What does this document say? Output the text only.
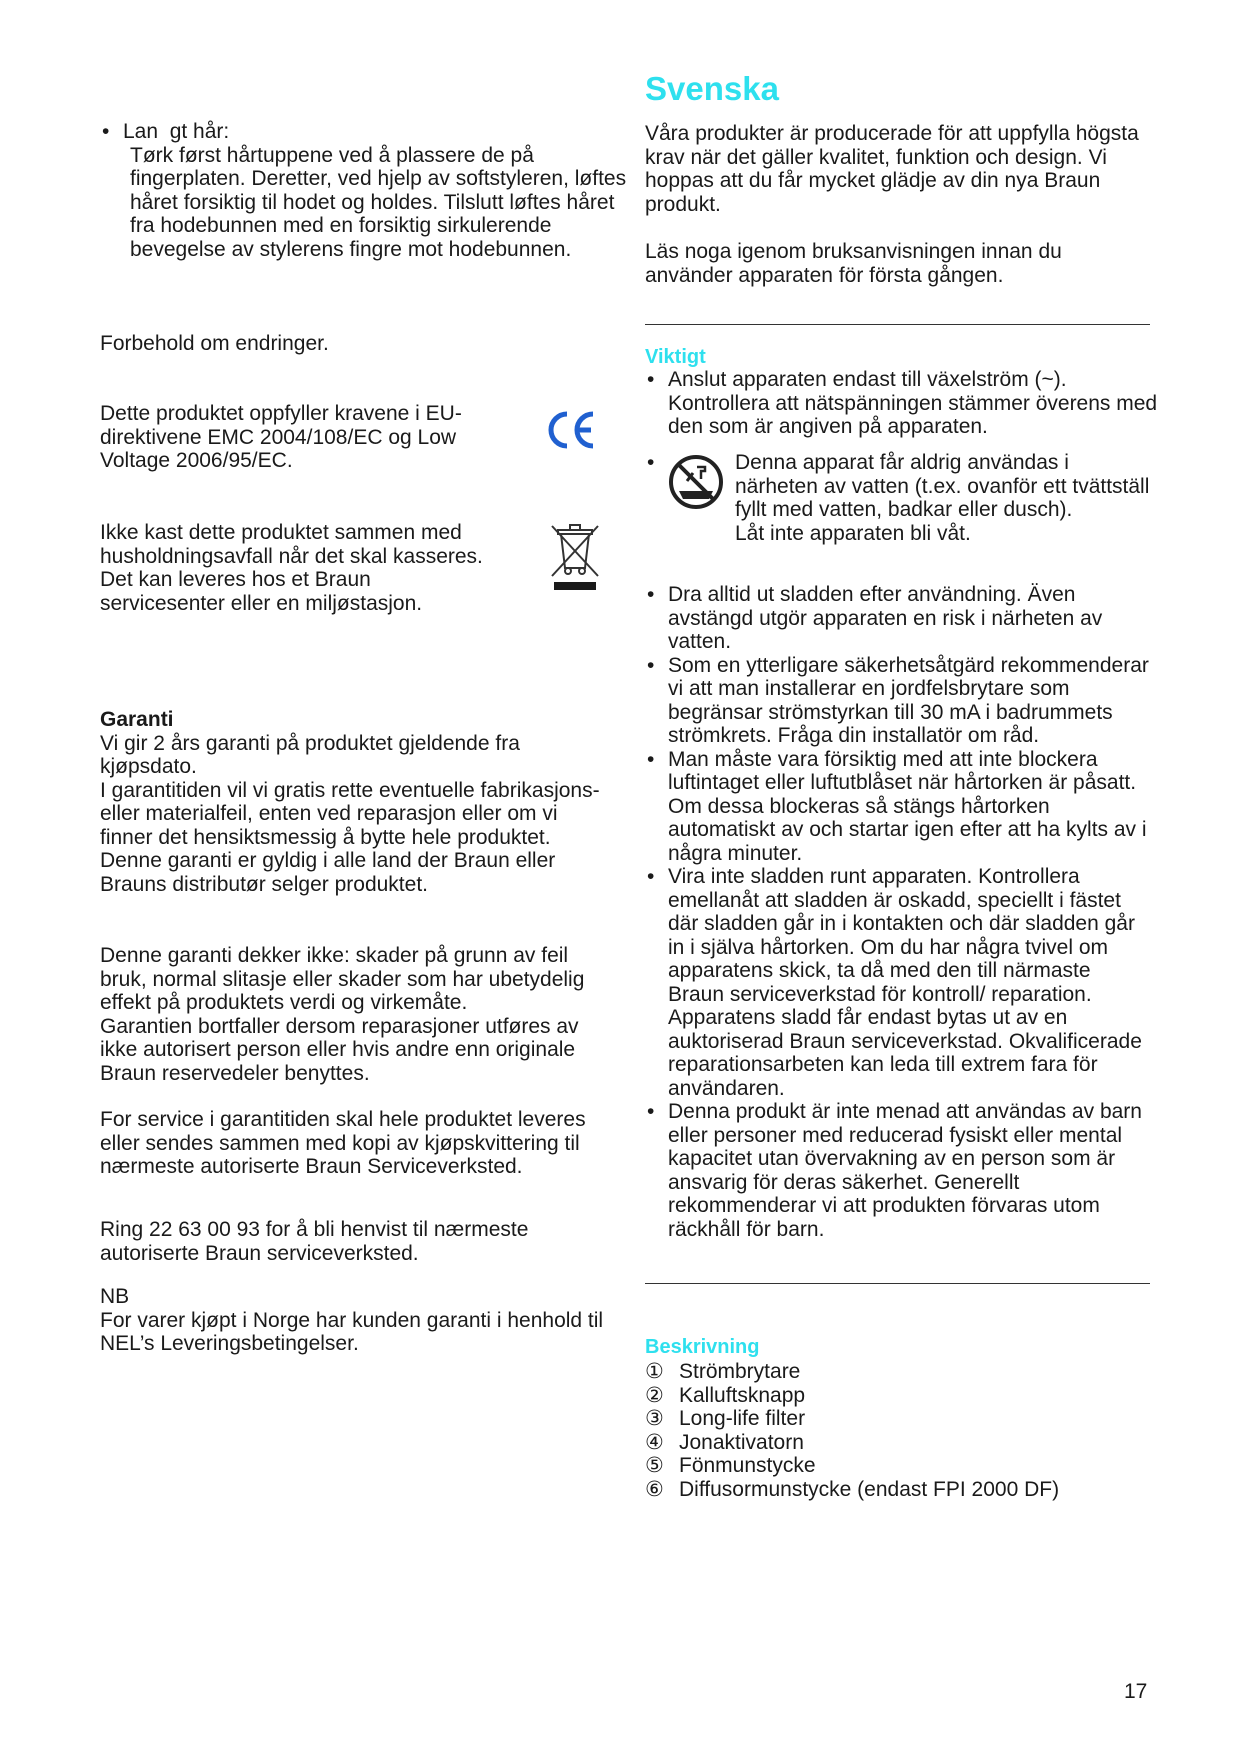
• Lan  gt hår:

Tørk først hårtuppene ved å plassere de på fingerplaten. Deretter, ved hjelp av softstyleren, løftes håret forsiktig til hodet og holdes. Tilslutt løftes håret fra hodebunnen med en forsiktig sirkulerende bevegelse av stylerens fingre mot hodebunnen.

Forbehold om endringer.

Dette produktet oppfyller kravene i EU-direktivene EMC 2004/108/EC og Low Voltage 2006/95/EC.

Ikke kast dette produktet sammen med husholdningsavfall når det skal kasseres. Det kan leveres hos et Braun servicesenter eller en miljøstasjon.

Garanti

Vi gir 2 års garanti på produktet gjeldende fra kjøpsdato.

I garantitiden vil vi gratis rette eventuelle fabrikasjons- eller materialfeil, enten ved reparasjon eller om vi finner det hensiktsmessig å bytte hele produktet.

Denne garanti er gyldig i alle land der Braun eller Brauns distributør selger produktet.

Denne garanti dekker ikke: skader på grunn av feil bruk, normal slitasje eller skader som har ubetydelig effekt på produktets verdi og virkemåte.

Garantien bortfaller dersom reparasjoner utføres av ikke autorisert person eller hvis andre enn originale Braun reservedeler benyttes.

For service i garantitiden skal hele produktet leveres eller sendes sammen med kopi av kjøpskvittering til nærmeste autoriserte Braun Serviceverksted.

Ring 22 63 00 93 for å bli henvist til nærmeste autoriserte Braun serviceverksted.

NB

For varer kjøpt i Norge har kunden garanti i henhold til NEL’s Leveringsbetingelser.

Svenska

Våra produkter är producerade för att uppfylla högsta krav när det gäller kvalitet, funktion och design. Vi hoppas att du får mycket glädje av din nya Braun produkt.

Läs noga igenom bruksanvisningen innan du använder apparaten för första gången.

Viktigt

• Anslut apparaten endast till växelström (~). Kontrollera att nätspänningen stämmer överens med den som är angiven på apparaten.

•	Denna apparat får aldrig användas i närheten av vatten (t.ex. ovanför ett tvättställ fyllt med vatten, badkar eller dusch).

Låt inte apparaten bli våt.

• Dra alltid ut sladden efter användning. Även avstängd utgör apparaten en risk i närheten av vatten.

• Som en ytterligare säkerhetsåtgärd rekommenderar vi att man installerar en jordfelsbrytare som begränsar strömstyrkan till 30 mA i badrummets strömkrets. Fråga din installatör om råd.

• Man måste vara försiktig med att inte blockera luftintaget eller luftutblåset när hårtorken är påsatt. Om dessa blockeras så stängs hårtorken automatiskt av och startar igen efter att ha kylts av i några minuter.

• Vira inte sladden runt apparaten. Kontrollera emellanåt att sladden är oskadd, speciellt i fästet där sladden går in i kontakten och där sladden går in i själva hårtorken. Om du har några tvivel om apparatens skick, ta då med den till närmaste Braun serviceverkstad för kontroll/ reparation. Apparatens sladd får endast bytas ut av en auktoriserad Braun serviceverkstad. Okvalificerade reparationsarbeten kan leda till extrem fara för användaren.

• Denna produkt är inte menad att användas av barn eller personer med reducerad fysiskt eller mental kapacitet utan övervakning av en person som är ansvarig för deras säkerhet. Generellt rekommenderar vi att produkten förvaras utom räckhåll för barn.

Beskrivning

① Strömbrytare
② Kalluftsknapp
③ Long-life filter
④ Jonaktivatorn
⑤ Fönmunstycke
⑥ Diffusormunstycke (endast FPI 2000 DF)
17
